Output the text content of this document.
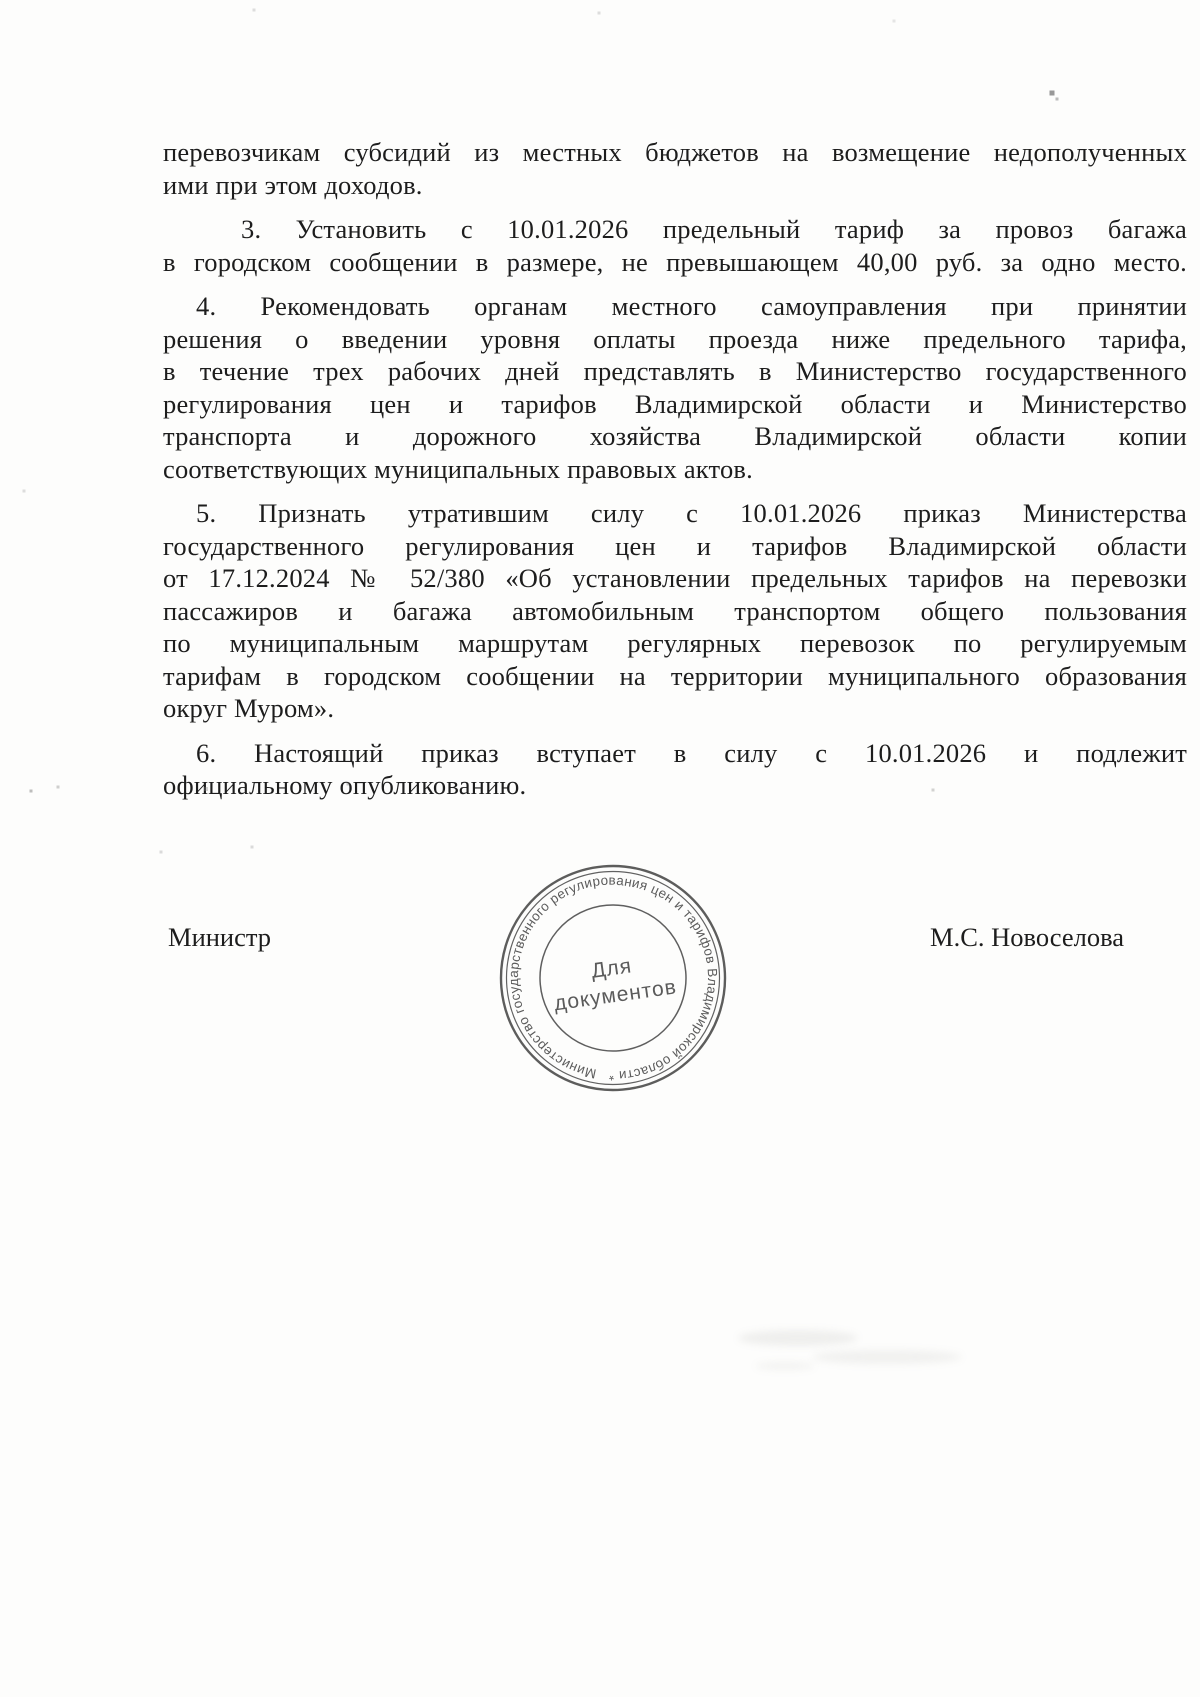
перевозчикам субсидий из местных бюджетов на возмещение недополученных
ими при этом доходов.
3. Установить с 10.01.2026 предельный тариф за провоз багажа
в городском сообщении в размере, не превышающем 40,00 руб. за одно место.
4. Рекомендовать органам местного самоуправления при принятии
решения о введении уровня оплаты проезда ниже предельного тарифа,
в течение трех рабочих дней представлять в Министерство государственного
регулирования цен и тарифов Владимирской области и Министерство
транспорта и дорожного хозяйства Владимирской области копии
соответствующих муниципальных правовых актов.
5. Признать утратившим силу с 10.01.2026 приказ Министерства
государственного регулирования цен и тарифов Владимирской области
от 17.12.2024 № 52/380 «Об установлении предельных тарифов на перевозки
пассажиров и багажа автомобильным транспортом общего пользования
по муниципальным маршрутам регулярных перевозок по регулируемым
тарифам в городском сообщении на территории муниципального образования
округ Муром».
6. Настоящий приказ вступает в силу с 10.01.2026 и подлежит
официальному опубликованию.
Министр	М.С. Новоселова
Министерство государственного регулирования цен и тарифов Владимирской области *
Для
документов
